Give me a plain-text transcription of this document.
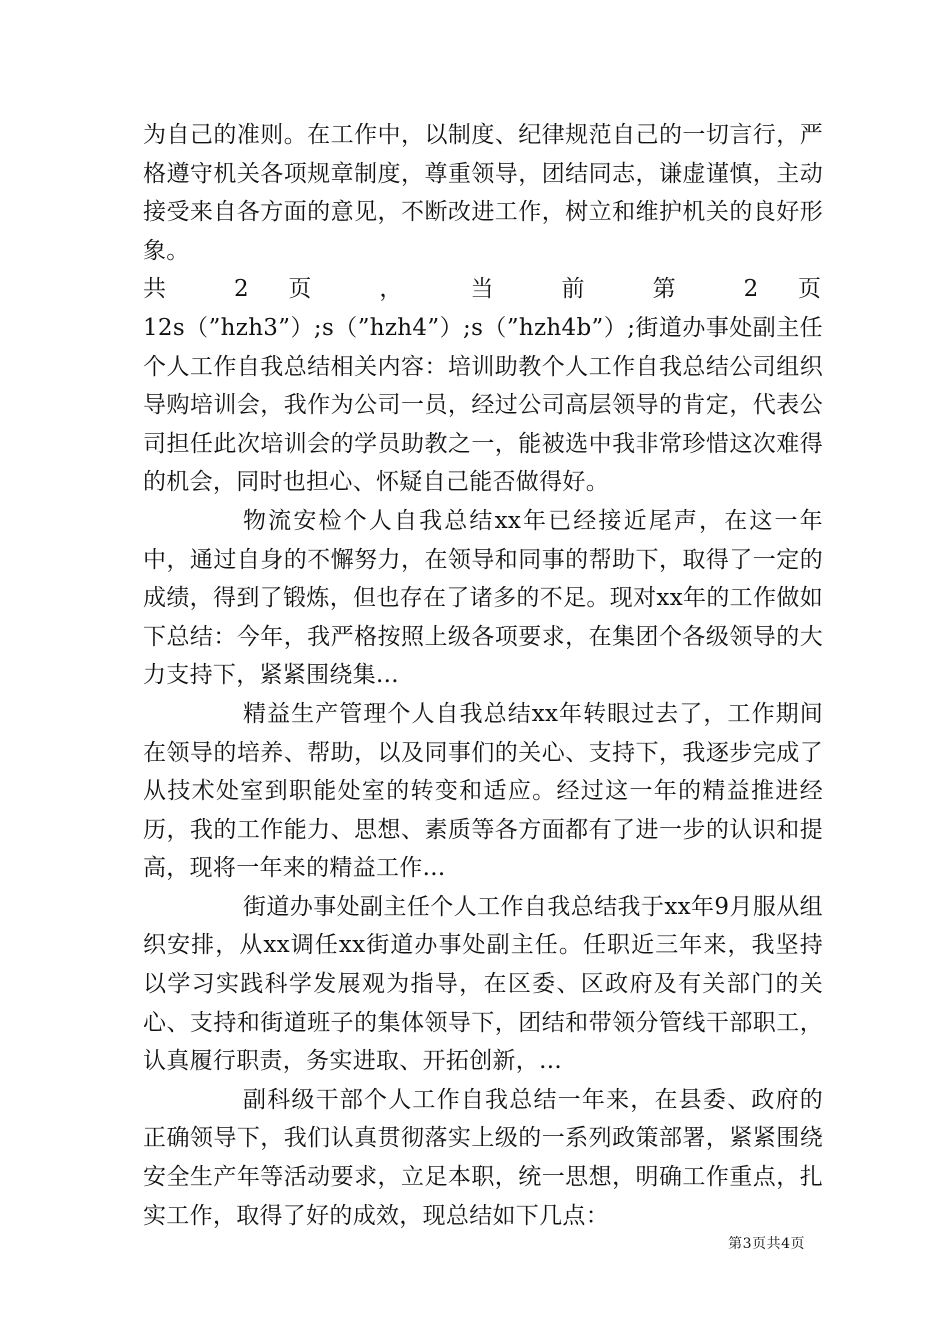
为自己的准则。在工作中，以制度、纪律规范自己的一切言行，严格遵守机关各项规章制度，尊重领导，团结同志，谦虚谨慎，主动接受来自各方面的意见，不断改进工作，树立和维护机关的良好形象。

共 2 页 ， 当 前 第 2 页

12s（”hzh3”）;s（”hzh4”）;s（”hzh4b”）;街道办事处副主任个人工作自我总结相关内容：培训助教个人工作自我总结公司组织导购培训会，我作为公司一员，经过公司高层领导的肯定，代表公司担任此次培训会的学员助教之一，能被选中我非常珍惜这次难得的机会，同时也担心、怀疑自己能否做得好。

物流安检个人自我总结xx年已经接近尾声，在这一年中，通过自身的不懈努力，在领导和同事的帮助下，取得了一定的成绩，得到了锻炼，但也存在了诸多的不足。现对xx年的工作做如下总结：今年，我严格按照上级各项要求，在集团个各级领导的大力支持下，紧紧围绕集...

精益生产管理个人自我总结xx年转眼过去了，工作期间在领导的培养、帮助，以及同事们的关心、支持下，我逐步完成了从技术处室到职能处室的转变和适应。经过这一年的精益推进经历，我的工作能力、思想、素质等各方面都有了进一步的认识和提高，现将一年来的精益工作...

街道办事处副主任个人工作自我总结我于xx年9月服从组织安排，从xx调任xx街道办事处副主任。任职近三年来，我坚持以学习实践科学发展观为指导，在区委、区政府及有关部门的关心、支持和街道班子的集体领导下，团结和带领分管线干部职工，认真履行职责，务实进取、开拓创新，...

副科级干部个人工作自我总结一年来，在县委、政府的正确领导下，我们认真贯彻落实上级的一系列政策部署，紧紧围绕安全生产年等活动要求，立足本职，统一思想，明确工作重点，扎实工作，取得了好的成效，现总结如下几点：

第3页共4页
